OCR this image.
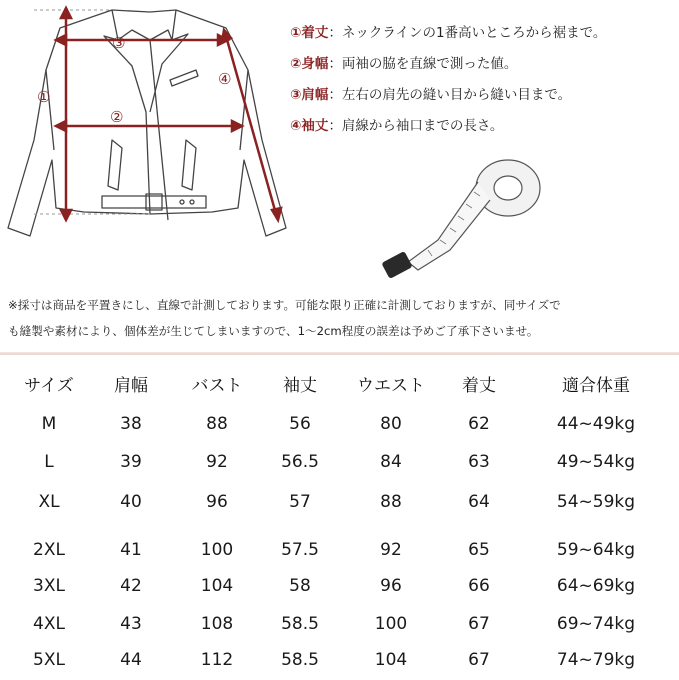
①
②
③
④
①着丈：ネックラインの1番高いところから裾まで。
②身幅：両袖の脇を直線で測った値。
③肩幅：左右の肩先の縫い目から縫い目まで。
④袖丈：肩線から袖口までの長さ。
※採寸は商品を平置きにし、直線で計測しております。可能な限り正確に計測しておりますが、同サイズで
も縫製や素材により、個体差が生じてしまいますので、1～2cm程度の誤差は予めご了承下さいませ。
サイズ	肩幅	バスト	袖丈	ウエスト	着丈	適合体重
M	38	88	56	80	62	44~49kg
L	39	92	56.5	84	63	49~54kg
XL	40	96	57	88	64	54~59kg
2XL	41	100	57.5	92	65	59~64kg
3XL	42	104	58	96	66	64~69kg
4XL	43	108	58.5	100	67	69~74kg
5XL	44	112	58.5	104	67	74~79kg
